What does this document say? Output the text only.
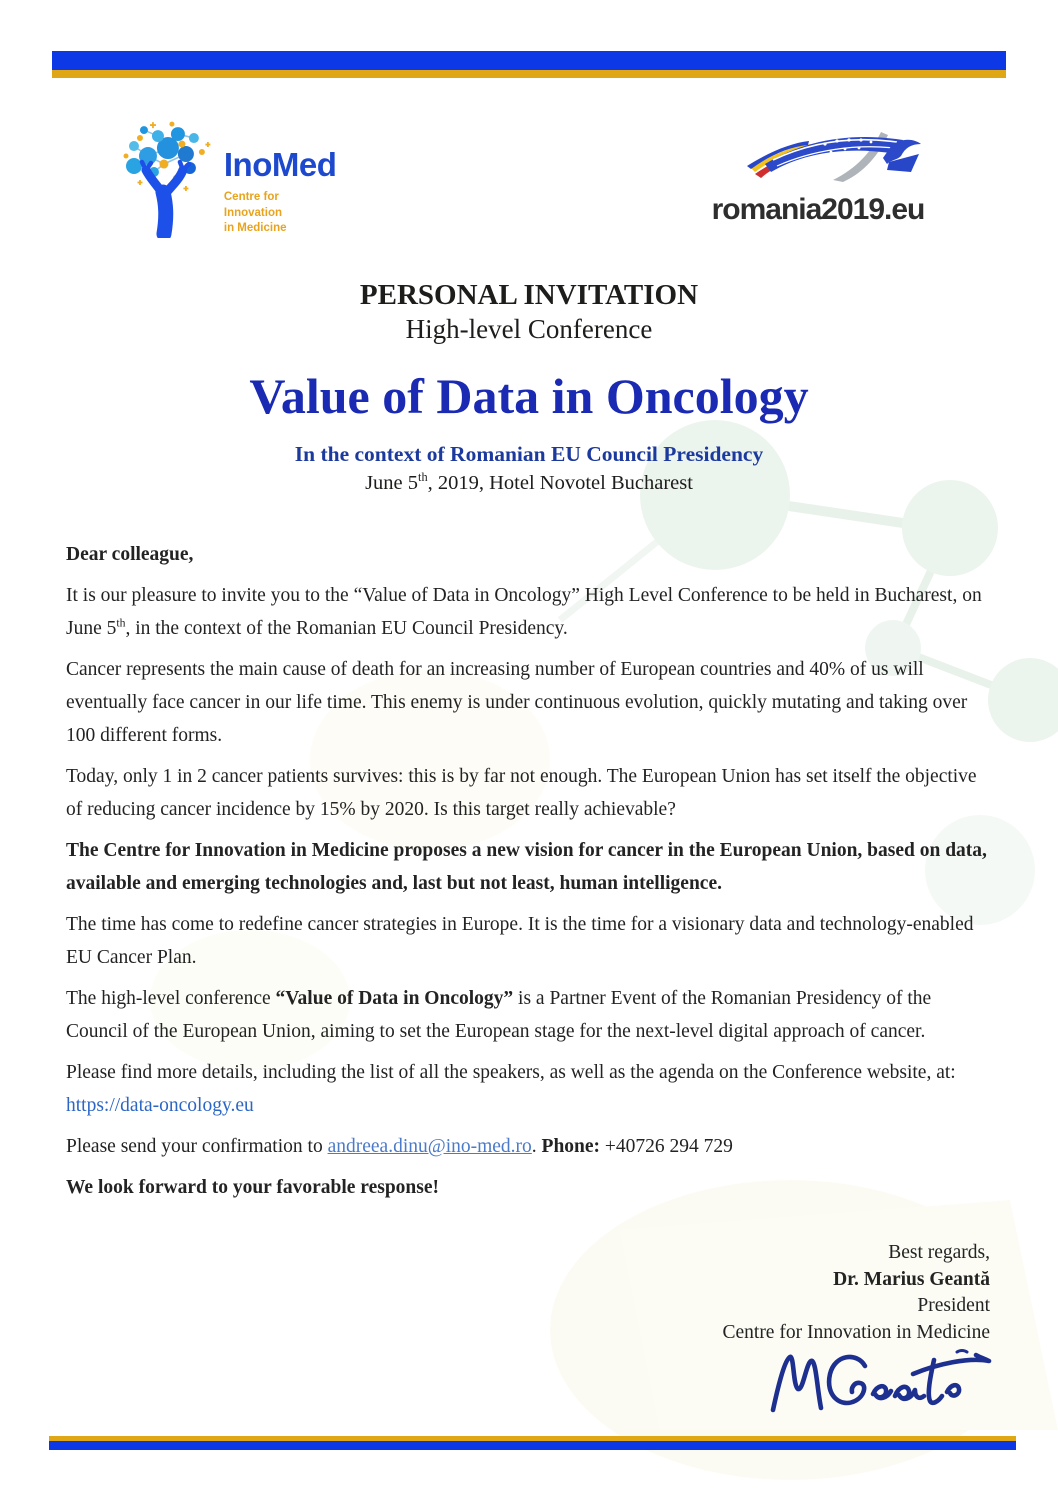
InoMed
Centre for Innovation
in Medicine
romania2019.eu
PERSONAL INVITATION
High-level Conference
Value of Data in Oncology
In the context of Romanian EU Council Presidency
June 5th, 2019, Hotel Novotel Bucharest

Dear colleague,

It is our pleasure to invite you to the “Value of Data in Oncology” High Level Conference to be held in Bucharest, on June 5th, in the context of the Romanian EU Council Presidency.

Cancer represents the main cause of death for an increasing number of European countries and 40% of us will eventually face cancer in our life time. This enemy is under continuous evolution, quickly mutating and taking over 100 different forms.

Today, only 1 in 2 cancer patients survives: this is by far not enough. The European Union has set itself the objective of reducing cancer incidence by 15% by 2020. Is this target really achievable?

The Centre for Innovation in Medicine proposes a new vision for cancer in the European Union, based on data, available and emerging technologies and, last but not least, human intelligence.

The time has come to redefine cancer strategies in Europe. It is the time for a visionary data and technology-enabled EU Cancer Plan.

The high-level conference “Value of Data in Oncology” is a Partner Event of the Romanian Presidency of the Council of the European Union, aiming to set the European stage for the next-level digital approach of cancer.

Please find more details, including the list of all the speakers, as well as the agenda on the Conference website, at: https://data-oncology.eu

Please send your confirmation to andreea.dinu@ino-med.ro. Phone: +40726 294 729

We look forward to your favorable response!

Best regards,
Dr. Marius Geantă
President
Centre for Innovation in Medicine
